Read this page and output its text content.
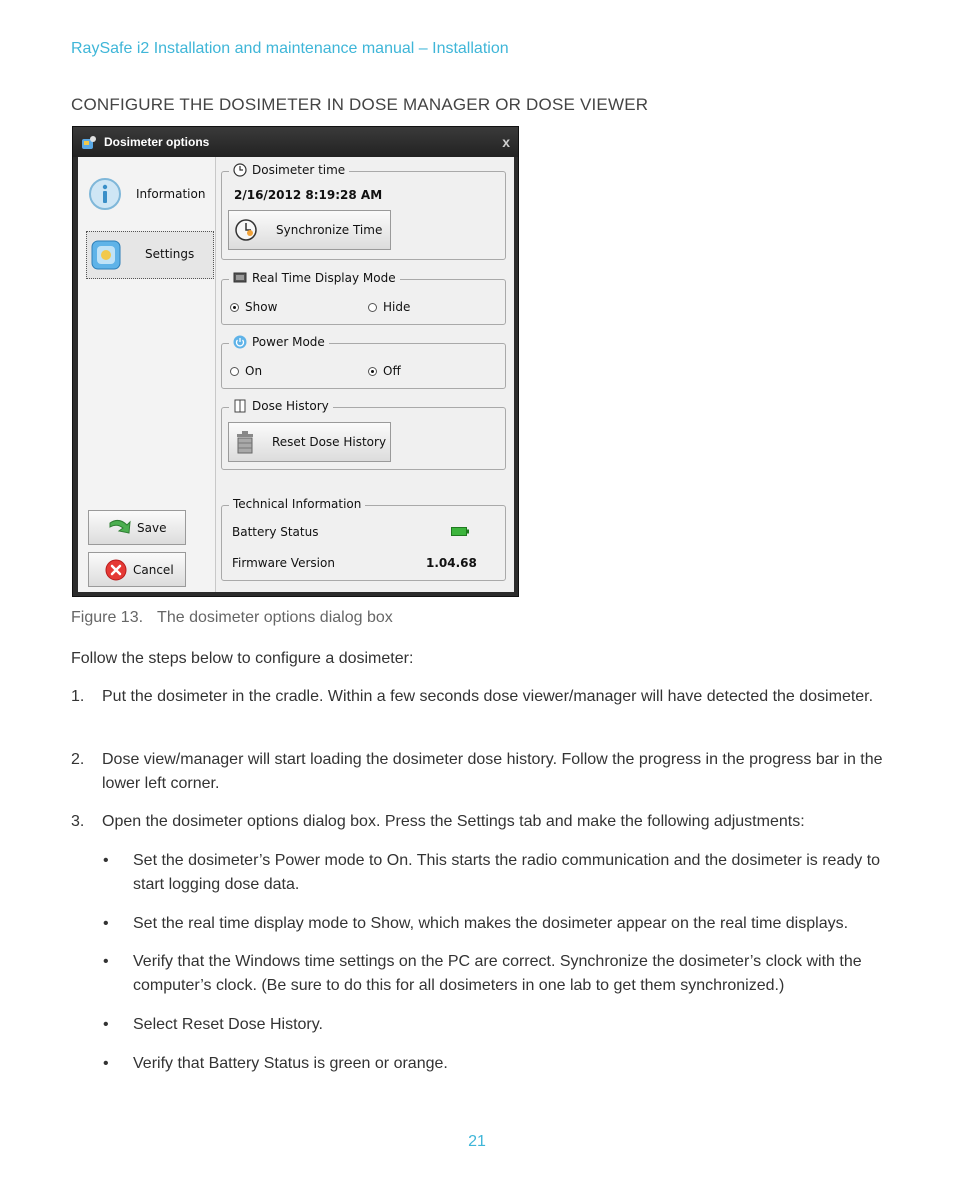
RaySafe i2 Installation and maintenance manual – Installation
CONFIGURE THE DOSIMETER IN DOSE MANAGER OR DOSE VIEWER
Dosimeter options	x
Information
Settings
Save
Cancel
Dosimeter time
2/16/2012 8:19:28 AM
Synchronize Time
Real Time Display Mode
Show	Hide
Power Mode
On	Off
Dose History
Reset Dose History
Technical Information
Battery Status
Firmware Version	1.04.68
Figure 13. The dosimeter options dialog box
Follow the steps below to configure a dosimeter:
1. Put the dosimeter in the cradle. Within a few seconds dose viewer/manager will have detected the dosimeter.
2. Dose view/manager will start loading the dosimeter dose history. Follow the progress in the progress bar in the lower left corner.
3. Open the dosimeter options dialog box. Press the Settings tab and make the following adjustments:
• Set the dosimeter’s Power mode to On. This starts the radio communication and the dosimeter is ready to start logging dose data.
• Set the real time display mode to Show, which makes the dosimeter appear on the real time displays.
• Verify that the Windows time settings on the PC are correct. Synchronize the dosimeter’s clock with the computer’s clock. (Be sure to do this for all dosimeters in one lab to get them synchronized.)
• Select Reset Dose History.
• Verify that Battery Status is green or orange.
21
